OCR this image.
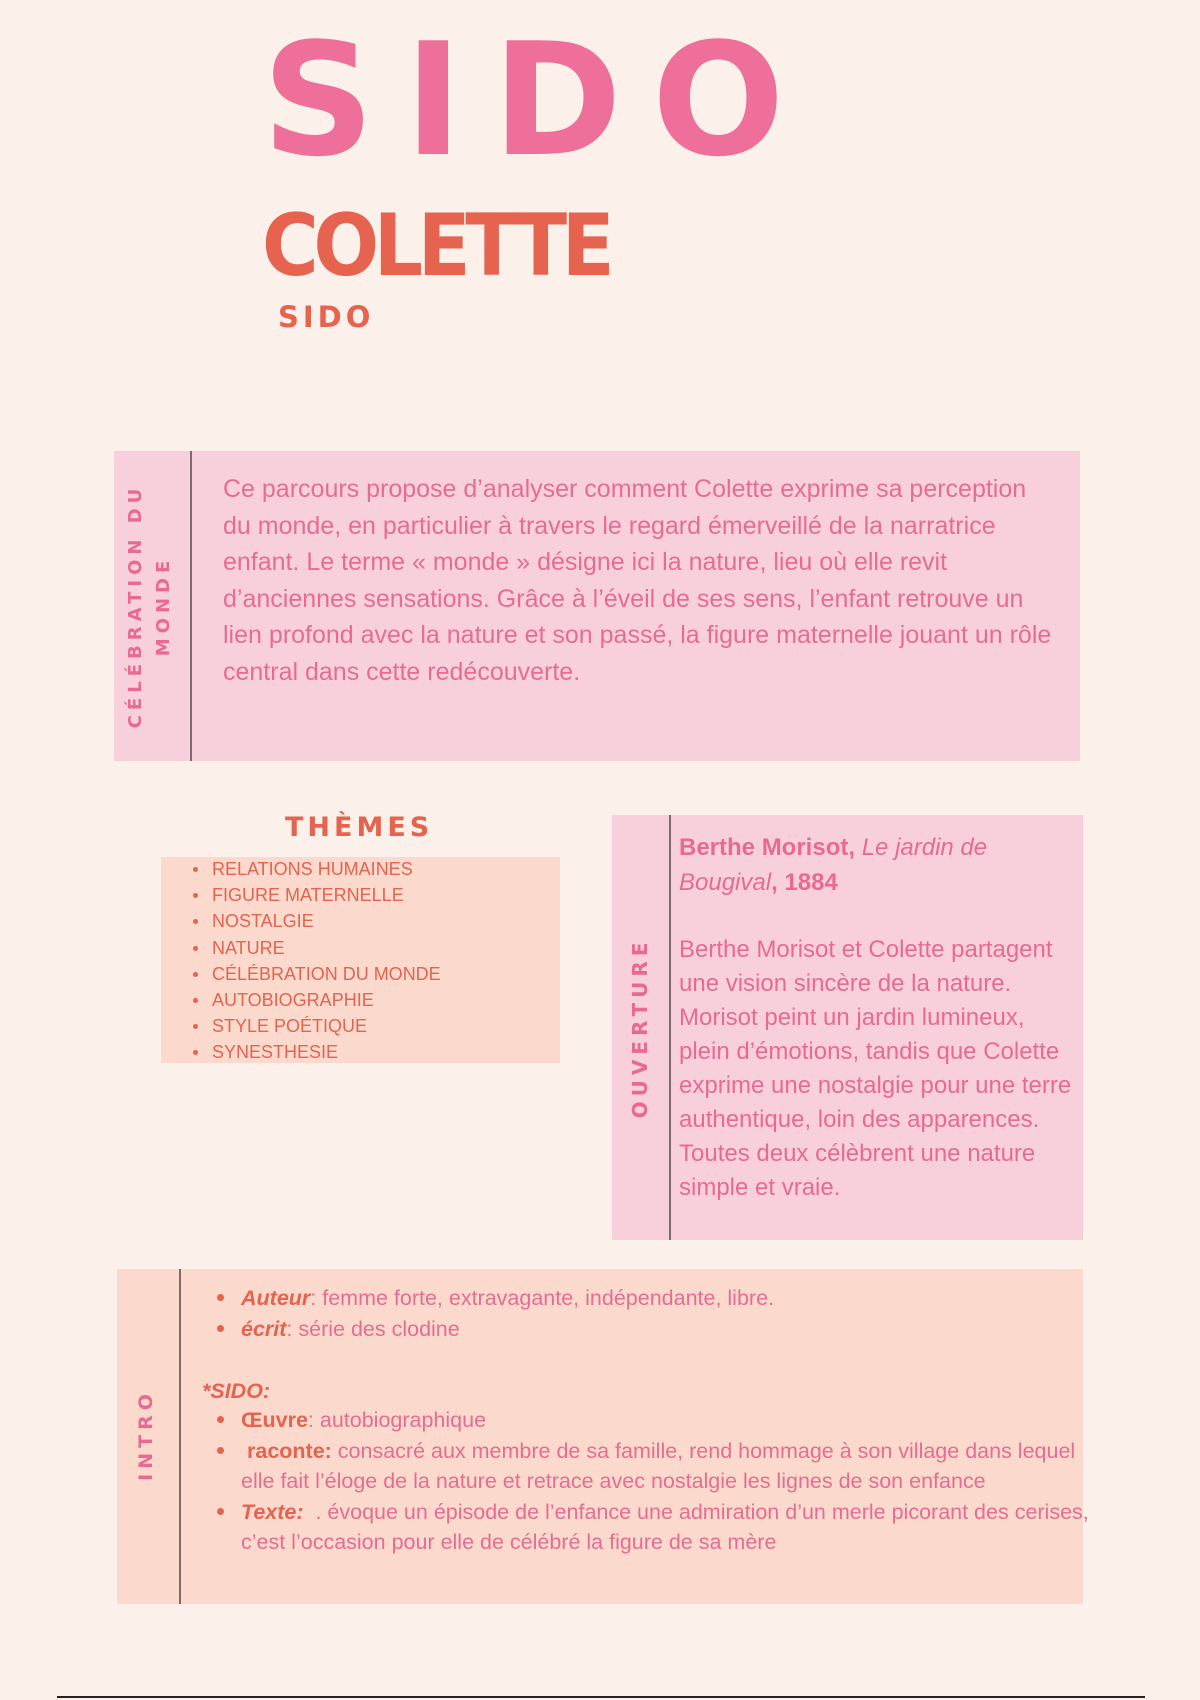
SIDO
COLETTE
SIDO
CÉLÉBRATION DU MONDE
Ce parcours propose d’analyser comment Colette exprime sa perception du monde, en particulier à travers le regard émerveillé de la narratrice enfant. Le terme « monde » désigne ici la nature, lieu où elle revit d’anciennes sensations. Grâce à l’éveil de ses sens, l’enfant retrouve un lien profond avec la nature et son passé, la figure maternelle jouant un rôle central dans cette redécouverte.
THÈMES
RELATIONS HUMAINES
FIGURE MATERNELLE
NOSTALGIE
NATURE
CÉLÉBRATION DU MONDE
AUTOBIOGRAPHIE
STYLE POÉTIQUE
SYNESTHESIE	OUVERTURE
Berthe Morisot, Le jardin de Bougival, 1884
Berthe Morisot et Colette partagent une vision sincère de la nature. Morisot peint un jardin lumineux, plein d’émotions, tandis que Colette exprime une nostalgie pour une terre authentique, loin des apparences. Toutes deux célèbrent une nature simple et vraie.
INTRO
Auteur: femme forte, extravagante, indépendante, libre.
écrit: série des clodine
*SIDO:
Œuvre: autobiographique
raconte: consacré aux membre de sa famille, rend hommage à son village dans lequel elle fait l’éloge de la nature et retrace avec nostalgie les lignes de son enfance
Texte:  . évoque un épisode de l’enfance une admiration d’un merle picorant des cerises, c’est l’occasion pour elle de célébré la figure de sa mère
